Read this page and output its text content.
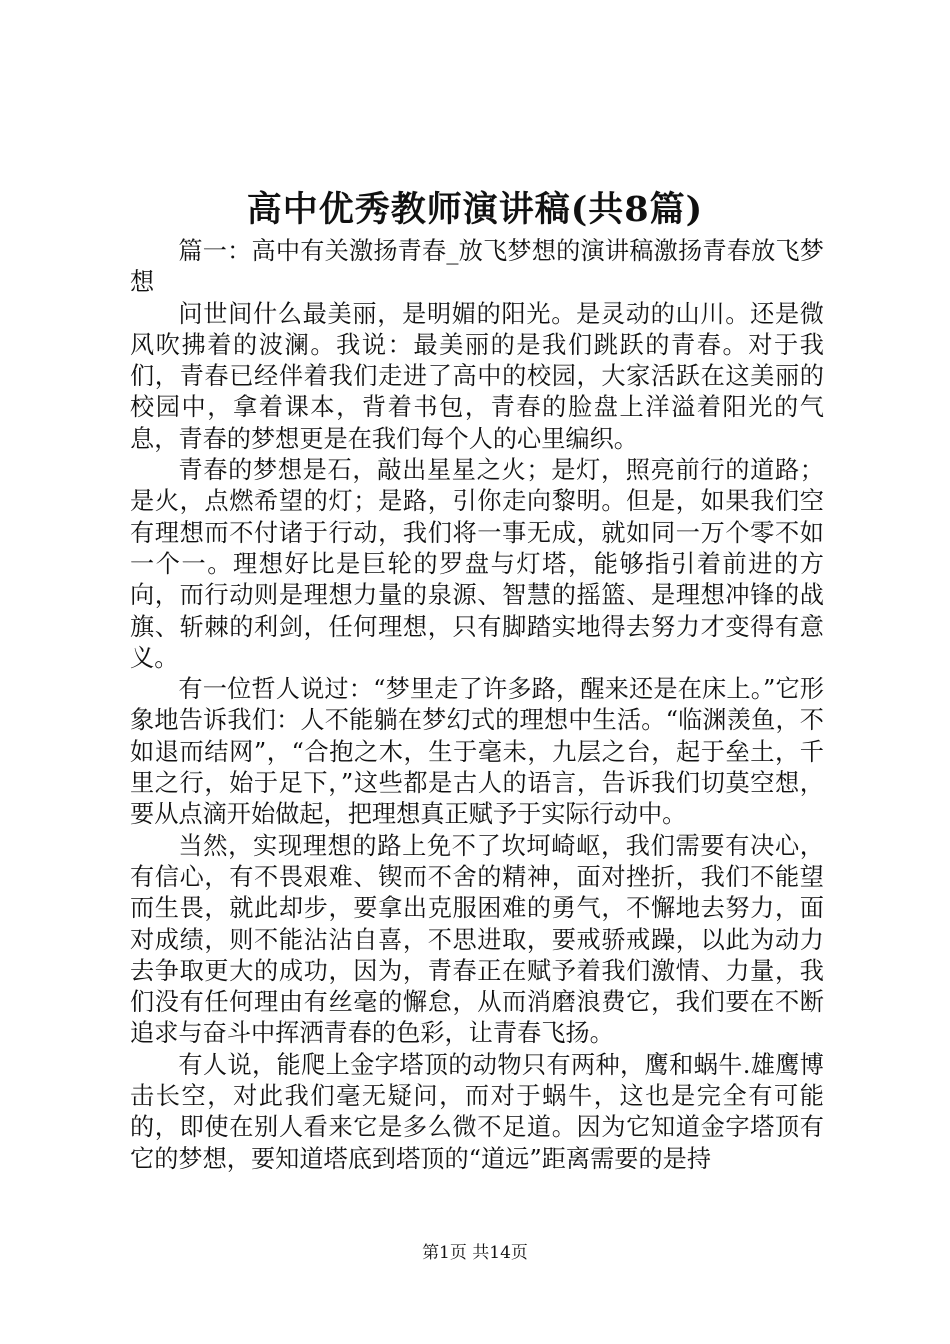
高中优秀教师演讲稿(共8篇)

篇一：高中有关激扬青春_放飞梦想的演讲稿激扬青春放飞梦想

问世间什么最美丽，是明媚的阳光。是灵动的山川。还是微风吹拂着的波澜。我说：最美丽的是我们跳跃的青春。对于我们，青春已经伴着我们走进了高中的校园，大家活跃在这美丽的校园中，拿着课本，背着书包，青春的脸盘上洋溢着阳光的气息，青春的梦想更是在我们每个人的心里编织。

青春的梦想是石，敲出星星之火；是灯，照亮前行的道路；是火，点燃希望的灯；是路，引你走向黎明。但是，如果我们空有理想而不付诸于行动，我们将一事无成，就如同一万个零不如一个一。理想好比是巨轮的罗盘与灯塔，能够指引着前进的方向，而行动则是理想力量的泉源、智慧的摇篮、是理想冲锋的战旗、斩棘的利剑，任何理想，只有脚踏实地得去努力才变得有意义。

有一位哲人说过：“梦里走了许多路，醒来还是在床上。”它形象地告诉我们：人不能躺在梦幻式的理想中生活。“临渊羡鱼，不如退而结网”，“合抱之木，生于毫未，九层之台，起于垒土，千里之行，始于足下，”这些都是古人的语言，告诉我们切莫空想，要从点滴开始做起，把理想真正赋予于实际行动中。

当然，实现理想的路上免不了坎坷崎岖，我们需要有决心，有信心，有不畏艰难、锲而不舍的精神，面对挫折，我们不能望而生畏，就此却步，要拿出克服困难的勇气，不懈地去努力，面对成绩，则不能沾沾自喜，不思进取，要戒骄戒躁，以此为动力去争取更大的成功，因为，青春正在赋予着我们激情、力量，我们没有任何理由有丝毫的懈怠，从而消磨浪费它，我们要在不断追求与奋斗中挥洒青春的色彩，让青春飞扬。

有人说，能爬上金字塔顶的动物只有两种，鹰和蜗牛.雄鹰博击长空，对此我们毫无疑问，而对于蜗牛，这也是完全有可能的，即使在别人看来它是多么微不足道。因为它知道金字塔顶有它的梦想，要知道塔底到塔顶的“道远”距离需要的是持

第1页 共14页
